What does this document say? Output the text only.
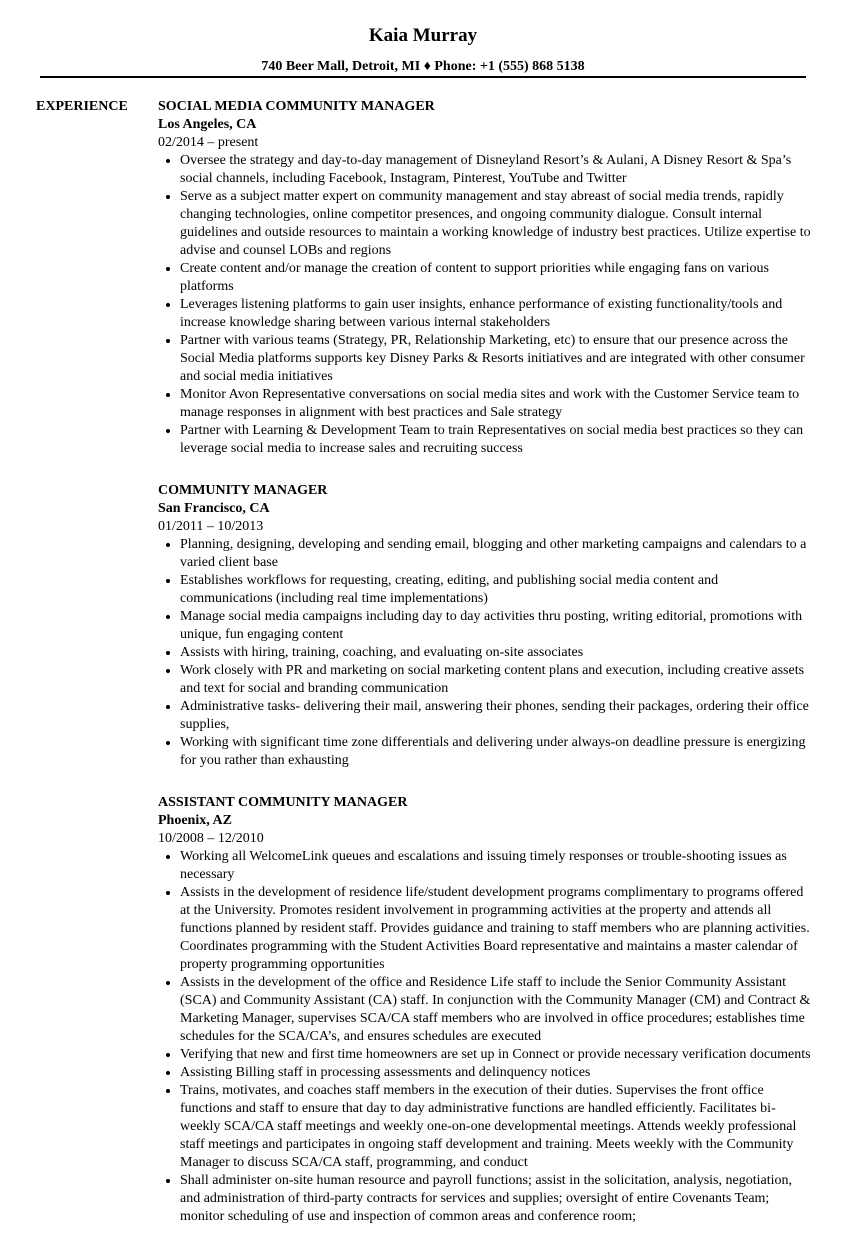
Kaia Murray
740 Beer Mall, Detroit, MI ♦ Phone: +1 (555) 868 5138
EXPERIENCE SOCIAL MEDIA COMMUNITY MANAGER
Los Angeles, CA
02/2014 – present
• Oversee the strategy and day-to-day management of Disneyland Resort’s & Aulani, A Disney Resort & Spa’s social channels, including Facebook, Instagram, Pinterest, YouTube and Twitter
• Serve as a subject matter expert on community management and stay abreast of social media trends, rapidly changing technologies, online competitor presences, and ongoing community dialogue. Consult internal guidelines and outside resources to maintain a working knowledge of industry best practices. Utilize expertise to advise and counsel LOBs and regions
• Create content and/or manage the creation of content to support priorities while engaging fans on various platforms
• Leverages listening platforms to gain user insights, enhance performance of existing functionality/tools and increase knowledge sharing between various internal stakeholders
• Partner with various teams (Strategy, PR, Relationship Marketing, etc) to ensure that our presence across the Social Media platforms supports key Disney Parks & Resorts initiatives and are integrated with other consumer and social media initiatives
• Monitor Avon Representative conversations on social media sites and work with the Customer Service team to manage responses in alignment with best practices and Sale strategy
• Partner with Learning & Development Team to train Representatives on social media best practices so they can leverage social media to increase sales and recruiting success
COMMUNITY MANAGER
San Francisco, CA
01/2011 – 10/2013
• Planning, designing, developing and sending email, blogging and other marketing campaigns and calendars to a varied client base
• Establishes workflows for requesting, creating, editing, and publishing social media content and communications (including real time implementations)
• Manage social media campaigns including day to day activities thru posting, writing editorial, promotions with unique, fun engaging content
• Assists with hiring, training, coaching, and evaluating on-site associates
• Work closely with PR and marketing on social marketing content plans and execution, including creative assets and text for social and branding communication
• Administrative tasks- delivering their mail, answering their phones, sending their packages, ordering their office supplies,
• Working with significant time zone differentials and delivering under always-on deadline pressure is energizing for you rather than exhausting
ASSISTANT COMMUNITY MANAGER
Phoenix, AZ
10/2008 – 12/2010
• Working all WelcomeLink queues and escalations and issuing timely responses or trouble-shooting issues as necessary
• Assists in the development of residence life/student development programs complimentary to programs offered at the University. Promotes resident involvement in programming activities at the property and attends all functions planned by resident staff. Provides guidance and training to staff members who are planning activities. Coordinates programming with the Student Activities Board representative and maintains a master calendar of property programming opportunities
• Assists in the development of the office and Residence Life staff to include the Senior Community Assistant (SCA) and Community Assistant (CA) staff. In conjunction with the Community Manager (CM) and Contract & Marketing Manager, supervises SCA/CA staff members who are involved in office procedures; establishes time schedules for the SCA/CA’s, and ensures schedules are executed
• Verifying that new and first time homeowners are set up in Connect or provide necessary verification documents
• Assisting Billing staff in processing assessments and delinquency notices
• Trains, motivates, and coaches staff members in the execution of their duties. Supervises the front office functions and staff to ensure that day to day administrative functions are handled efficiently. Facilitates bi-weekly SCA/CA staff meetings and weekly one-on-one developmental meetings. Attends weekly professional staff meetings and participates in ongoing staff development and training. Meets weekly with the Community Manager to discuss SCA/CA staff, programming, and conduct
• Shall administer on-site human resource and payroll functions; assist in the solicitation, analysis, negotiation, and administration of third-party contracts for services and supplies; oversight of entire Covenants Team; monitor scheduling of use and inspection of common areas and conference room;
